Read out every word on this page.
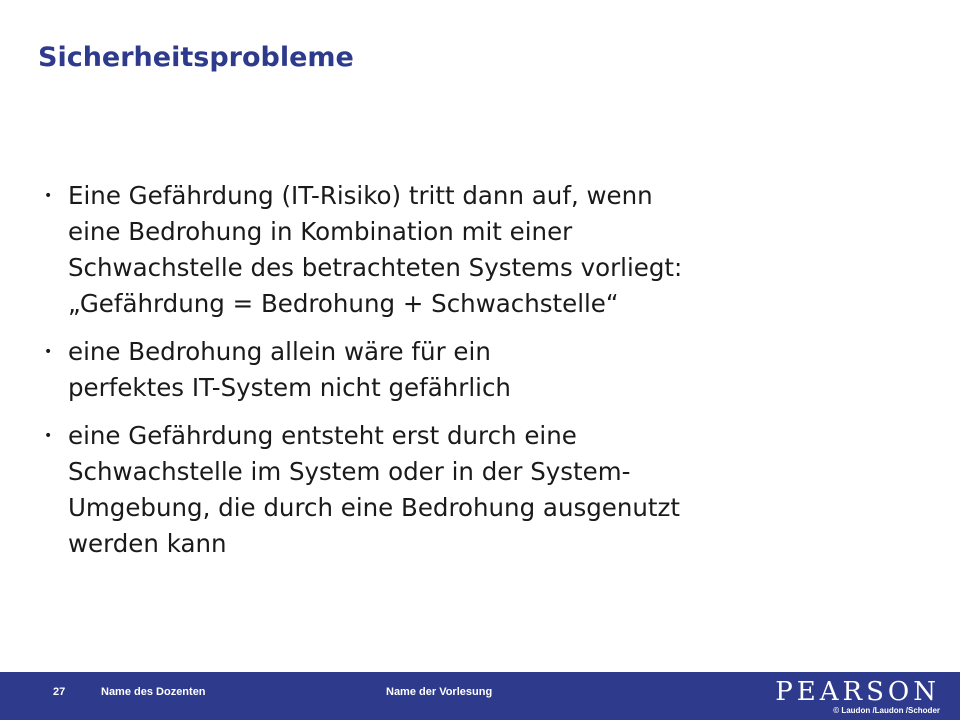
Sicherheitsprobleme
• Eine Gefährdung (IT-Risiko) tritt dann auf, wenn
eine Bedrohung in Kombination mit einer
Schwachstelle des betrachteten Systems vorliegt:
„Gefährdung = Bedrohung + Schwachstelle“
• eine Bedrohung allein wäre für ein
perfektes IT-System nicht gefährlich
• eine Gefährdung entsteht erst durch eine
Schwachstelle im System oder in der System-
Umgebung, die durch eine Bedrohung ausgenutzt
werden kann
27	Name des Dozenten	Name der Vorlesung	PEARSON
© Laudon /Laudon /Schoder
